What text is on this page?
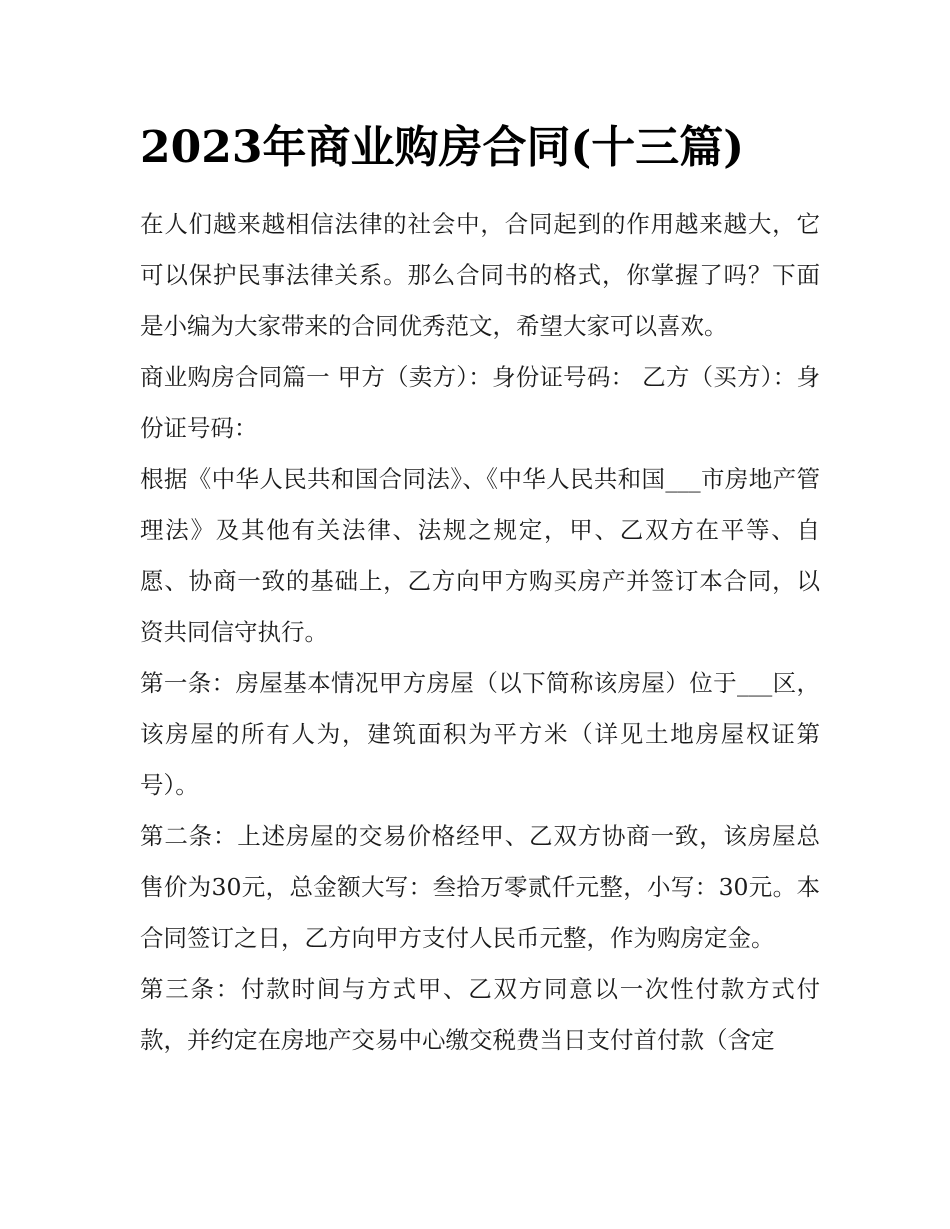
2023年商业购房合同(十三篇)

在人们越来越相信法律的社会中，合同起到的作用越来越大，它可以保护民事法律关系。那么合同书的格式，你掌握了吗？下面是小编为大家带来的合同优秀范文，希望大家可以喜欢。

商业购房合同篇一 甲方（卖方）：身份证号码： 乙方（买方）：身份证号码：

根据《中华人民共和国合同法》、《中华人民共和国___市房地产管理法》及其他有关法律、法规之规定，甲、乙双方在平等、自愿、协商一致的基础上，乙方向甲方购买房产并签订本合同，以资共同信守执行。

第一条：房屋基本情况甲方房屋（以下简称该房屋）位于___区，该房屋的所有人为，建筑面积为平方米（详见土地房屋权证第号）。

第二条：上述房屋的交易价格经甲、乙双方协商一致，该房屋总售价为30元，总金额大写：叁拾万零贰仟元整，小写：30元。本合同签订之日，乙方向甲方支付人民币元整，作为购房定金。

第三条：付款时间与方式甲、乙双方同意以一次性付款方式付款，并约定在房地产交易中心缴交税费当日支付首付款（含定
